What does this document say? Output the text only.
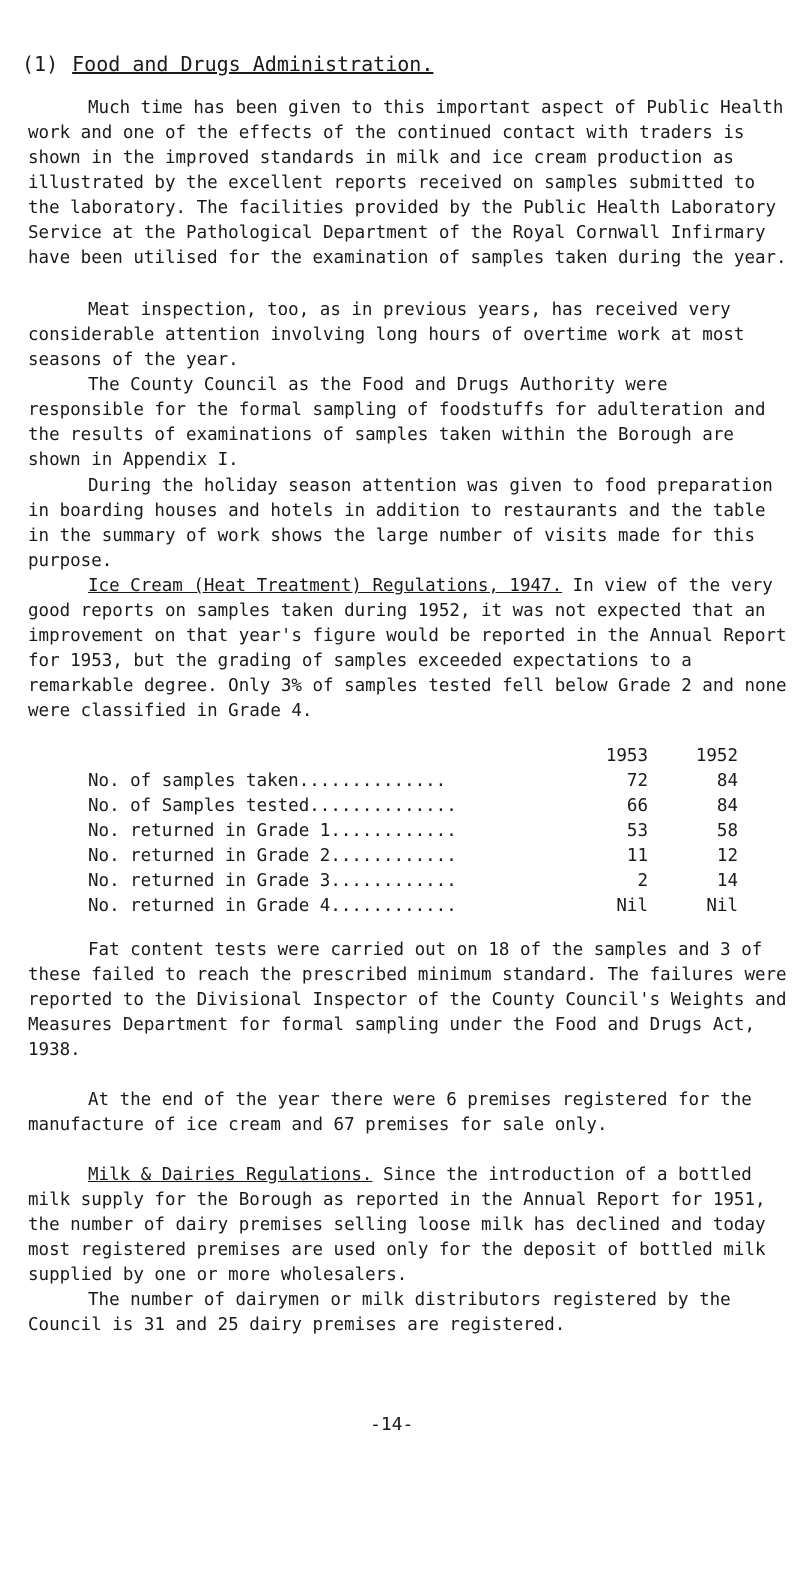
(1) Food and Drugs Administration.

Much time has been given to this important aspect of Public Health work and one of the effects of the continued contact with traders is shown in the improved standards in milk and ice cream production as illustrated by the excellent reports received on samples submitted to the laboratory. The facilities provided by the Public Health Laboratory Service at the Pathological Department of the Royal Cornwall Infirmary have been utilised for the examination of samples taken during the year.

Meat inspection, too, as in previous years, has received very considerable attention involving long hours of overtime work at most seasons of the year.

The County Council as the Food and Drugs Authority were responsible for the formal sampling of foodstuffs for adulteration and the results of examinations of samples taken within the Borough are shown in Appendix I.

During the holiday season attention was given to food preparation in boarding houses and hotels in addition to restaurants and the table in the summary of work shows the large number of visits made for this purpose.

Ice Cream (Heat Treatment) Regulations, 1947. In view of the very good reports on samples taken during 1952, it was not expected that an improvement on that year's figure would be reported in the Annual Report for 1953, but the grading of samples exceeded expectations to a remarkable degree. Only 3% of samples tested fell below Grade 2 and none were classified in Grade 4.

	1953	1952
No. of samples taken..............	72	84
No. of Samples tested..............	66	84
No. returned in Grade 1............	53	58
No. returned in Grade 2............	11	12
No. returned in Grade 3............	2	14
No. returned in Grade 4............	Nil	Nil

Fat content tests were carried out on 18 of the samples and 3 of these failed to reach the prescribed minimum standard. The failures were reported to the Divisional Inspector of the County Council's Weights and Measures Department for formal sampling under the Food and Drugs Act, 1938.

At the end of the year there were 6 premises registered for the manufacture of ice cream and 67 premises for sale only.

Milk & Dairies Regulations. Since the introduction of a bottled milk supply for the Borough as reported in the Annual Report for 1951, the number of dairy premises selling loose milk has declined and today most registered premises are used only for the deposit of bottled milk supplied by one or more wholesalers.

The number of dairymen or milk distributors registered by the Council is 31 and 25 dairy premises are registered.

-14-
